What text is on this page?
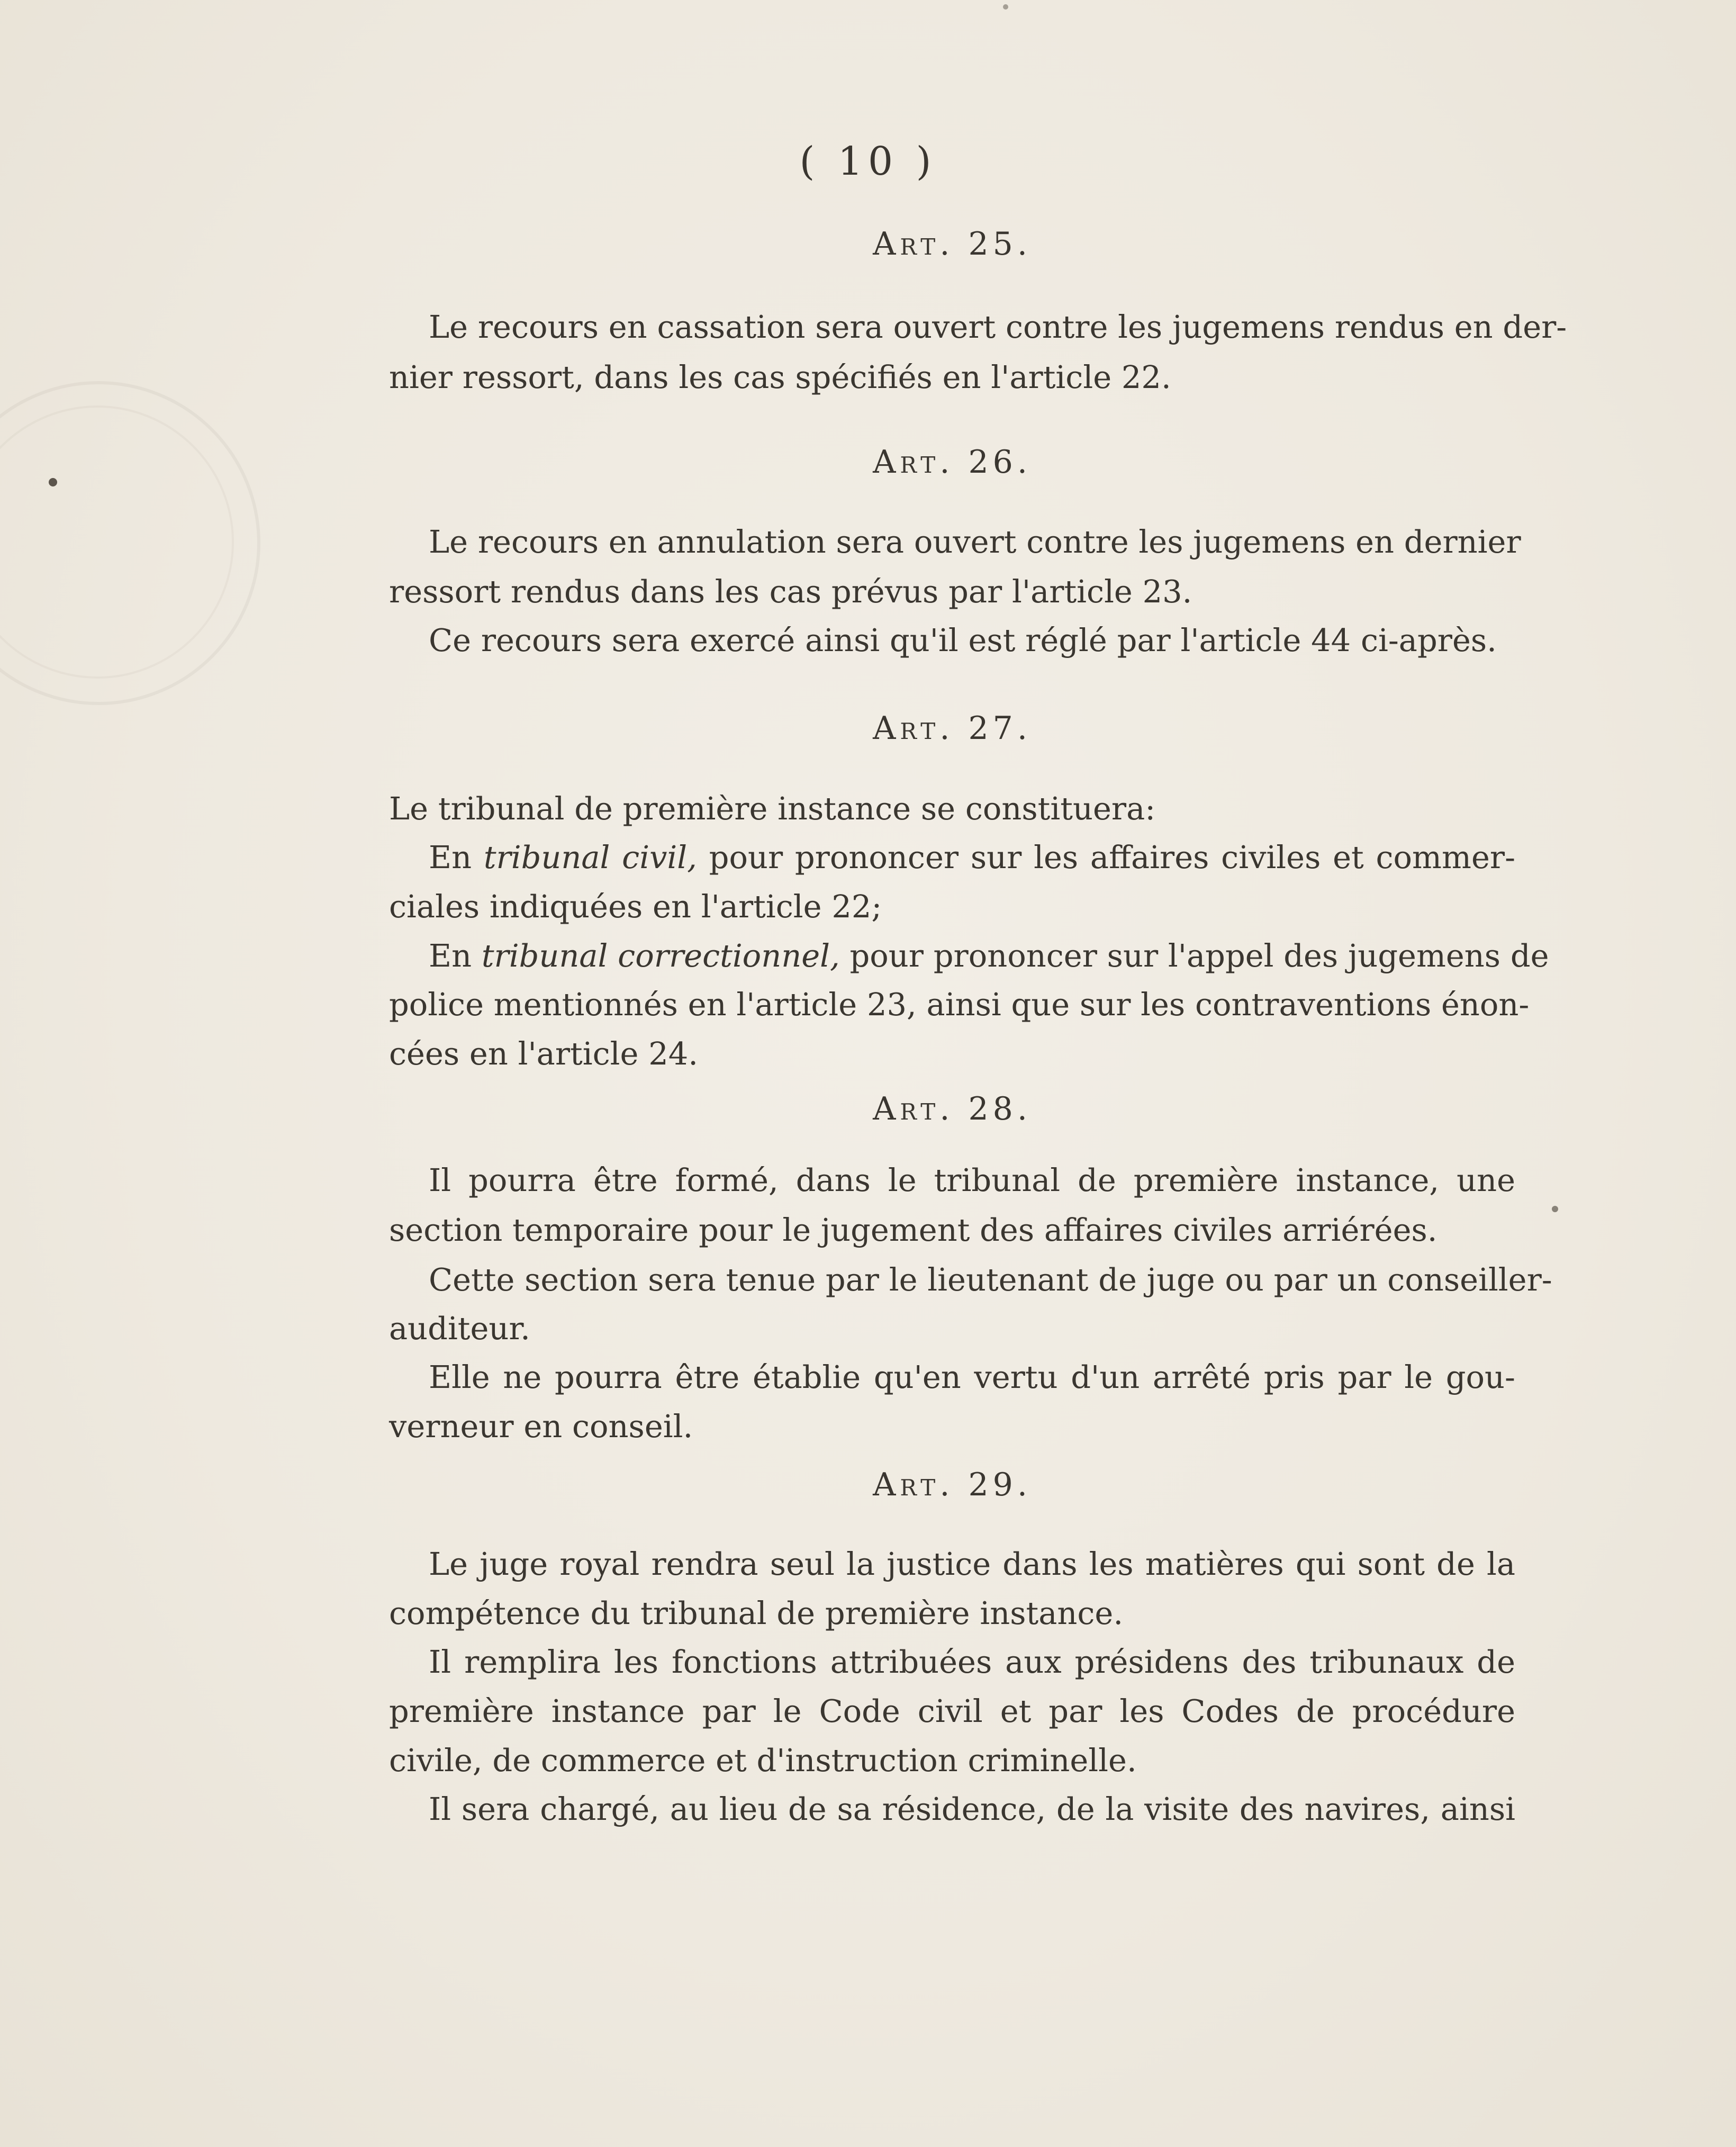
( 10 )
Art. 25.
Le recours en cassation sera ouvert contre les jugemens rendus en der-
nier ressort, dans les cas spécifiés en l'article 22.
Art. 26.
Le recours en annulation sera ouvert contre les jugemens en dernier
ressort rendus dans les cas prévus par l'article 23.
Ce recours sera exercé ainsi qu'il est réglé par l'article 44 ci-après.
Art. 27.
Le tribunal de première instance se constituera:
En tribunal civil, pour prononcer sur les affaires civiles et commer-
ciales indiquées en l'article 22;
En tribunal correctionnel, pour prononcer sur l'appel des jugemens de
police mentionnés en l'article 23, ainsi que sur les contraventions énon-
cées en l'article 24.
Art. 28.
Il pourra être formé, dans le tribunal de première instance, une
section temporaire pour le jugement des affaires civiles arriérées.
Cette section sera tenue par le lieutenant de juge ou par un conseiller-
auditeur.
Elle ne pourra être établie qu'en vertu d'un arrêté pris par le gou-
verneur en conseil.
Art. 29.
Le juge royal rendra seul la justice dans les matières qui sont de la
compétence du tribunal de première instance.
Il remplira les fonctions attribuées aux présidens des tribunaux de
première instance par le Code civil et par les Codes de procédure
civile, de commerce et d'instruction criminelle.
Il sera chargé, au lieu de sa résidence, de la visite des navires, ainsi
